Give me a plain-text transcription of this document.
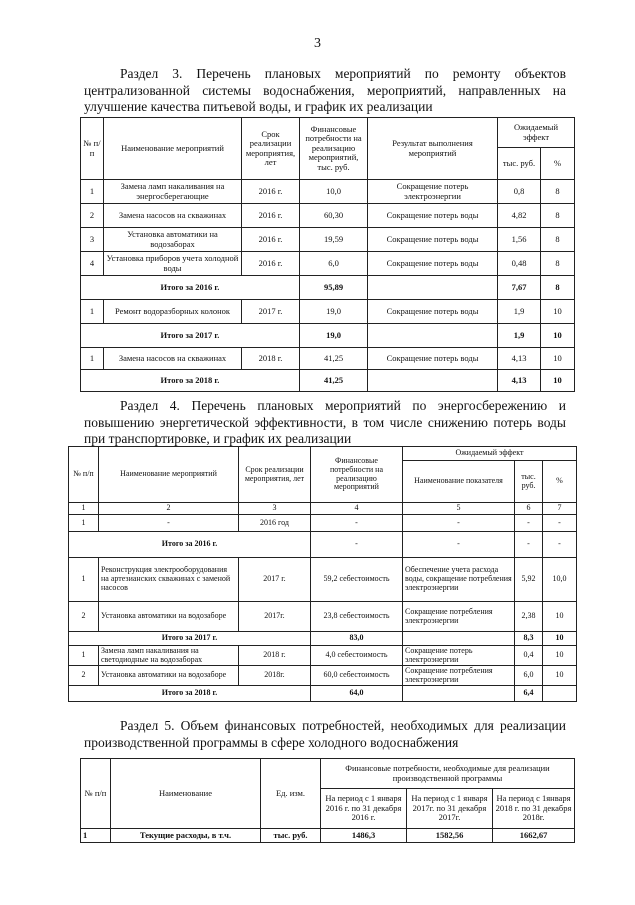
3
Раздел 3. Перечень плановых мероприятий по ремонту объектов централизованной системы водоснабжения, мероприятий, направленных на улучшение качества питьевой воды, и график их реализации
№ п/п	Наименование мероприятий	Срок реализации мероприятия, лет	Финансовые потребности на реализацию мероприятий, тыс. руб.	Результат выполнения мероприятий	Ожидаемый эффект	
					тыс. руб.	%
1	Замена ламп накаливания на энергосберегающие	2016 г.	10,0	Сокращение потерь электроэнергии	0,8	8
2	Замена насосов на скважинах	2016 г.	60,30	Сокращение потерь воды	4,82	8
3	Установка автоматики на водозаборах	2016 г.	19,59	Сокращение потерь воды	1,56	8
4	Установка приборов учета холодной воды	2016 г.	6,0	Сокращение потерь воды	0,48	8
Итого за 2016 г.			95,89		7,67	8
1	Ремонт водоразборных колонок	2017 г.	19,0	Сокращение потерь воды	1,9	10
Итого за 2017 г.			19,0		1,9	10
1	Замена насосов на скважинах	2018 г.	41,25	Сокращение потерь воды	4,13	10
Итого за 2018 г.			41,25		4,13	10
Раздел 4. Перечень плановых мероприятий по энергосбережению и повышению энергетической эффективности, в том числе снижению потерь воды при транспортировке, и график их реализации
№ п/п	Наименование мероприятий	Срок реализации мероприятия, лет	Финансовые потребности на реализацию мероприятий	Ожидаемый эффект		
				Наименование показателя	тыс. руб.	%
1	2	3	4	5	6	7
1	-	2016 год	-	-	-	-
Итого за 2016 г.			-	-	-	-
1	Реконструкция электрооборудования на артезианских скважинах с заменой насосов	2017 г.	59,2 себестоимость	Обеспечение учета расхода воды, сокращение потребления электроэнергии	5,92	10,0
2	Установка автоматики на водозаборе	2017г.	23,8 себестоимость	Сокращение потребления электроэнергии	2,38	10
Итого за 2017 г.			83,0		8,3	10
1	Замена ламп накаливания на светодиодные на водозаборах	2018 г.	4,0 себестоимость	Сокращение потерь электроэнергии	0,4	10
2	Установка автоматики на водозаборе	2018г.	60,0 себестоимость	Сокращение потребления электроэнергии	6,0	10
Итого за 2018 г.			64,0		6,4	
Раздел 5. Объем финансовых потребностей, необходимых для реализации производственной программы в сфере холодного водоснабжения
№ п/п	Наименование	Ед. изм.	Финансовые потребности, необходимые для реализации производственной программы		
			На период с 1 января 2016 г. по 31 декабря 2016 г.	На период с 1 января 2017г. по 31 декабря 2017г.	На период с 1января 2018 г. по 31 декабря 2018г.
1	Текущие расходы, в т.ч.	тыс. руб.	1486,3	1582,56	1662,67
